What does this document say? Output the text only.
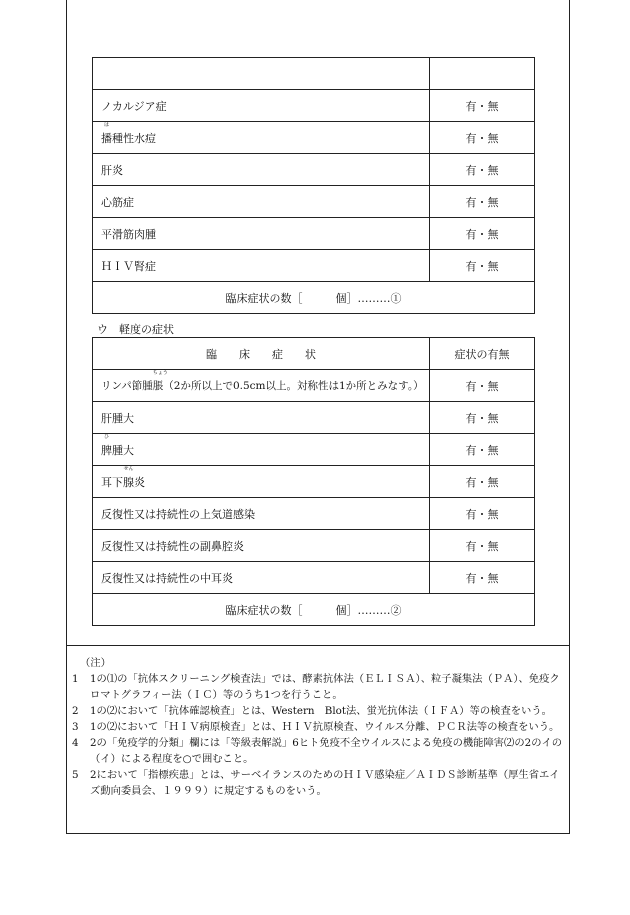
ノカルジア症	有・無

は
播種性水痘	有・無
肝炎	有・無
心筋症	有・無
平滑筋肉腫	有・無
ＨＩＶ腎症	有・無
臨床症状の数［　　　個］………①	
ウ　軽度の症状
臨　　床　　症　　状	症状の有無
リンパ節腫
ちょう
脹（2か所以上で0.5cm以上。対称性は1か所とみなす。）	有・無
肝腫大	有・無

ひ
脾腫大	有・無
耳下
せん
腺炎	有・無
反復性又は持続性の上気道感染	有・無
反復性又は持続性の副鼻腔炎	有・無
反復性又は持続性の中耳炎	有・無
臨床症状の数［　　　個］………②	
（注）
1	1の⑴の「抗体スクリーニング検査法」では、酵素抗体法（ＥＬＩＳＡ）、粒子凝集法（ＰＡ）、免疫クロマトグラフィー法（ＩＣ）等のうち1つを行うこと。
2	1の⑵において「抗体確認検査」とは、Western　Blot法、蛍光抗体法（ＩＦＡ）等の検査をいう。
3	1の⑵において「ＨＩＶ病原検査」とは、ＨＩＶ抗原検査、ウイルス分離、ＰＣＲ法等の検査をいう。
4	2の「免疫学的分類」欄には「等級表解説」6ヒト免疫不全ウイルスによる免疫の機能障害⑵の2のイの（イ）による程度を○で囲むこと。
5	2において「指標疾患」とは、サーベイランスのためのＨＩＶ感染症／ＡＩＤＳ診断基準（厚生省エイズ動向委員会、１９９９）に規定するものをいう。
